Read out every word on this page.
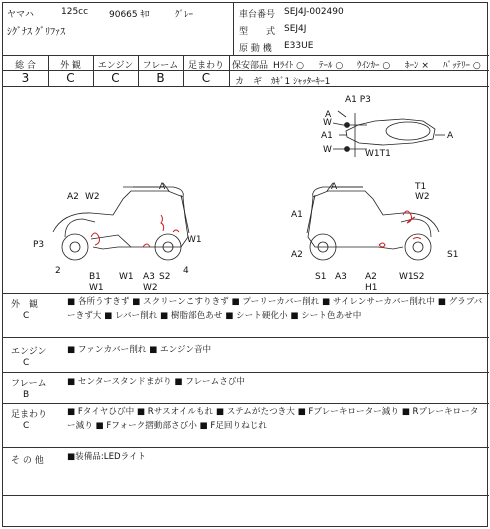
ヤマハ	125cc 90665 ｷﾛ	ｸﾞﾚｰ
ｼｸﾞﾅｽ ｸﾞﾘﾌｧｽ
車台番号 SEJ4J-002490
型　　式 SEJ4J
原 動 機 E33UE
総 合	外 観	エンジン	フレーム	足まわり
3	C	C	B	C
保安部品 Hﾗｲﾄ ○ ﾃｰﾙ ○ ｳｲﾝｶｰ ○ ﾎｰﾝ × ﾊﾞｯﾃﾘｰ ○
カ　ギ　ｶｷﾞ1 ｼｬｯﾀｰｷｰ1
A1 P3
W
A1
A
A
W	W1T1
A
A2 W2
P3	W1
2	4
B1 W1 A3 S2
W1	W2
A
A1
T1
W2
A2	S1
S1 A3 A2
H1
W1 S2
外　観
C
■ 各所うすきず ■ スクリーンこすりきず ■ プーリーカバー削れ ■ サイレンサーカバー削れ中 ■ グラブバーきず大 ■ レバー削れ ■ 樹脂部色あせ ■ シート硬化小 ■ シート色あせ中
エンジン
C
■ ファンカバー削れ ■ エンジン音中
フレーム
B
■ センタースタンドまがり ■ フレームさび中
足まわり
C
■ Fタイヤひび中 ■ Rサスオイルもれ ■ ステムがたつき大 ■ Fブレーキローター減り ■ Rブレーキローター減り ■ Fフォーク摺動部さび小 ■ F足回りねじれ
そ の 他	■装備品:LEDライト
